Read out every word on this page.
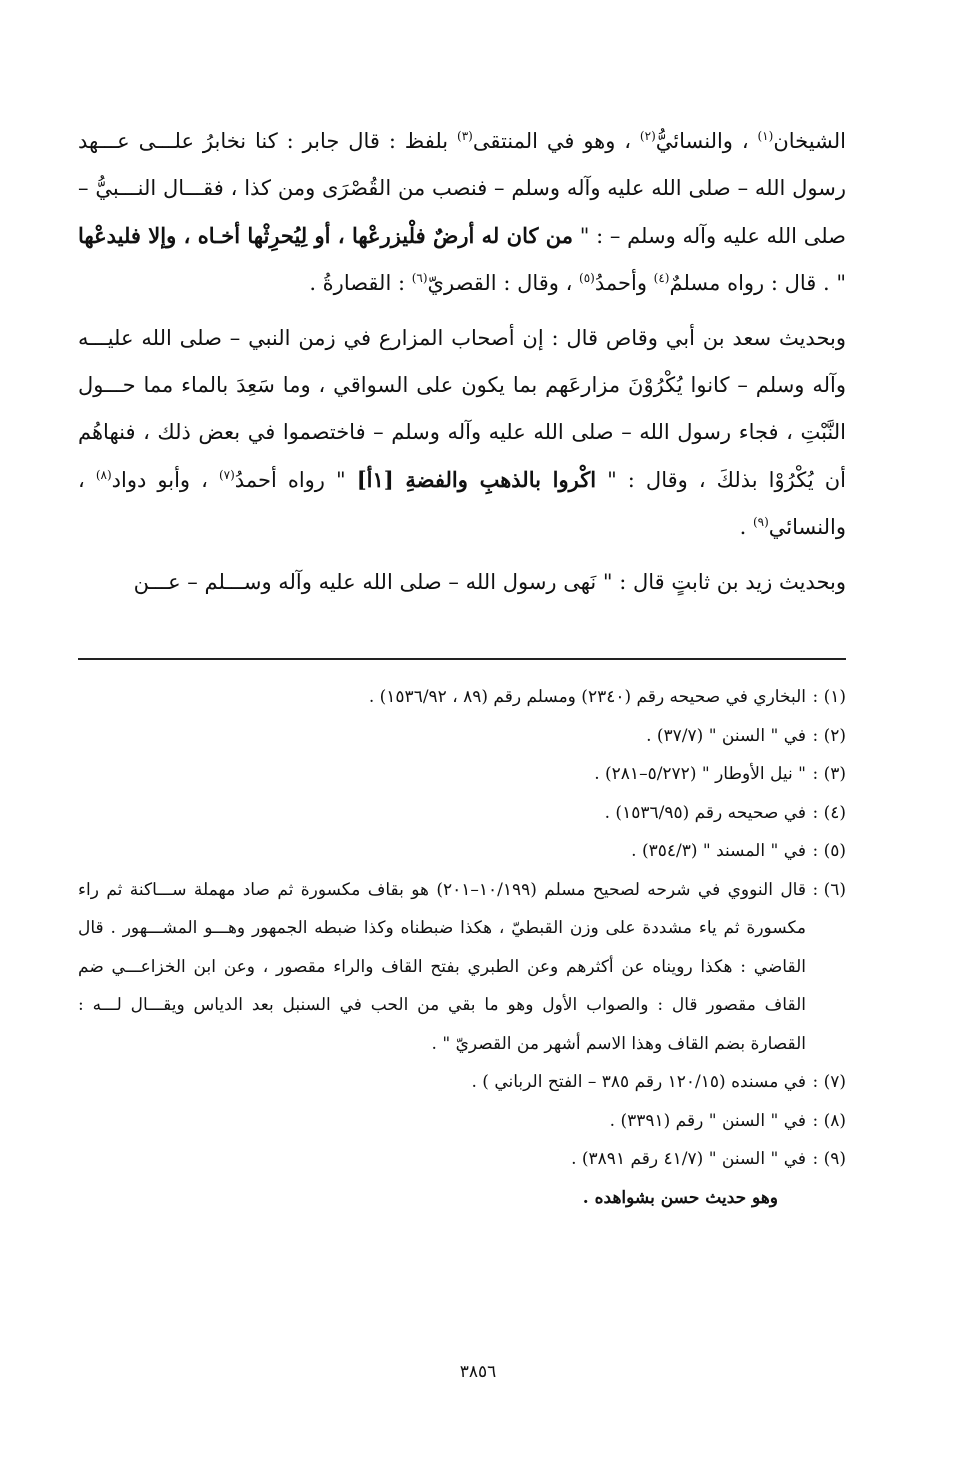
الشيخان$^{(١)}$ ، والنسائيُّ$^{(٢)}$ ، وهو في المنتقى$^{(٣)}$ بلفظ : قال جابر : كنا نخابرُ علـــى عـــهد رسول الله – صلى الله عليه وآله وسلم – فنصب من القُصْرَى ومن كذا ، فقـــال النـــبيُّ – صلى الله عليه وآله وسلم – : " من كان له أرضٌ فلْيزرعْها ، أو لِيُحرِثْها أخـاه ، وإلا فليدعْها " . قال : رواه مسلمٌ$^{(٤)}$ وأحمدُ$^{(٥)}$ ، وقال : القصريّ$^{(٦)}$ : القصارةُ .

وبحديث سعد بن أبي وقاص قال : إن أصحاب المزارع في زمن النبي – صلى الله عليـــه وآله وسلم – كانوا يُكْرُوْنَ مزارعَهم بما يكون على السواقي ، وما سَعِدَ بالماء مما حـــول النَّبْتِ ، فجاء رسول الله – صلى الله عليه وآله وسلم – فاختصموا في بعض ذلك ، فنهاهُم أن يُكْرُوْا بذلكَ ، وقال : " اكْروا بالذهبِ والفضةِ [١أ] " رواه أحمدُ$^{(٧)}$ ، وأبو دواد$^{(٨)}$ ، والنسائي$^{(٩)}$ .

وبحديث زيد بن ثابتٍ قال : " نَهى رسول الله – صلى الله عليه وآله وســـلم – عـــن

(١) :
البخاري في صحيحه رقم (٢٣٤٠) ومسلم رقم (٨٩ ، ١٥٣٦/٩٢) .
(٢) :
في " السنن " (٣٧/٧) .
(٣) :
" نيل الأوطار " (٥/٢٧٢–٢٨١) .
(٤) :
في صحيحه رقم (١٥٣٦/٩٥) .
(٥) :
في " المسند " (٣٥٤/٣) .
(٦) :
قال النووي في شرحه لصحيح مسلم (١٠/١٩٩–٢٠١) هو بقاف مكسورة ثم صاد مهملة ســـاكنة ثم راء مكسورة ثم ياء مشددة على وزن القبطيّ ، هكذا ضبطناه وكذا ضبطه الجمهور وهـــو المشـــهور . قال القاضي : هكذا رويناه عن أكثرهم وعن الطبري بفتح القاف والراء مقصور ، وعن ابن الخزاعـــي ضم القاف مقصور قال : والصواب الأول وهو ما بقي من الحب في السنبل بعد الدياس ويقـــال لـــه : القصارة بضم القاف وهذا الاسم أشهر من القصريّ " .
(٧) :
في مسنده (١٢٠/١٥ رقم ٣٨٥ – الفتح الرباني ) .
(٨) :
في " السنن " رقم (٣٣٩١) .
(٩) :
في " السنن " (٤١/٧ رقم ٣٨٩١) .
وهو حديث حسن بشواهده .
٣٨٥٦
